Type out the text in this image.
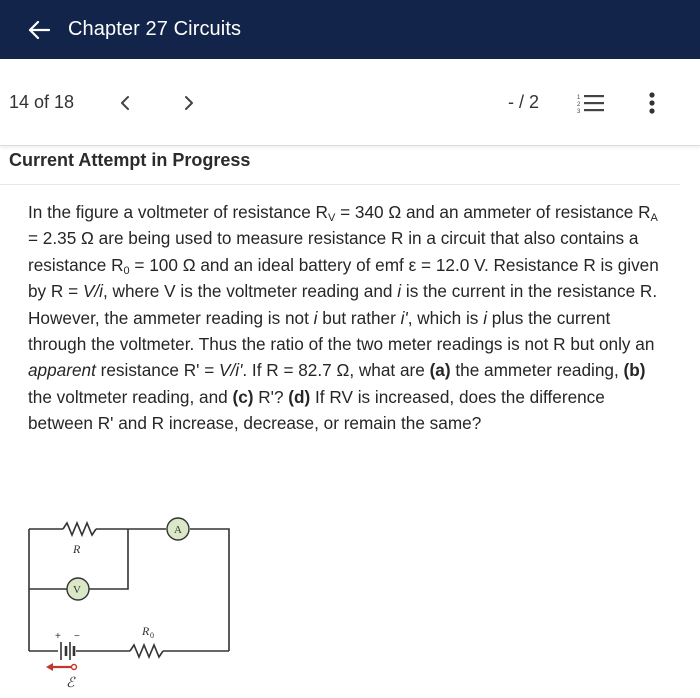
Chapter 27 Circuits
14 of 18	- / 2	1
2
3
Current Attempt in Progress
In the figure a voltmeter of resistance $R_V = 340$ Ω and an ammeter of resistance $R_A = 2.35$ Ω are being used to measure resistance R in a circuit that also contains a resistance $R_0 = 100$ Ω and an ideal battery of emf ε = 12.0 V. Resistance R is given by R = V/i, where V is the voltmeter reading and i is the current in the resistance R. However, the ammeter reading is not i but rather i', which is i plus the current through the voltmeter. Thus the ratio of the two meter readings is not R but only an apparent resistance R' = V/i'. If R = 82.7 Ω, what are (a) the ammeter reading, (b) the voltmeter reading, and (c) R'? (d) If RV is increased, does the difference between R' and R increase, decrease, or remain the same?
R
V
A
R 0
+ −
ℰ
